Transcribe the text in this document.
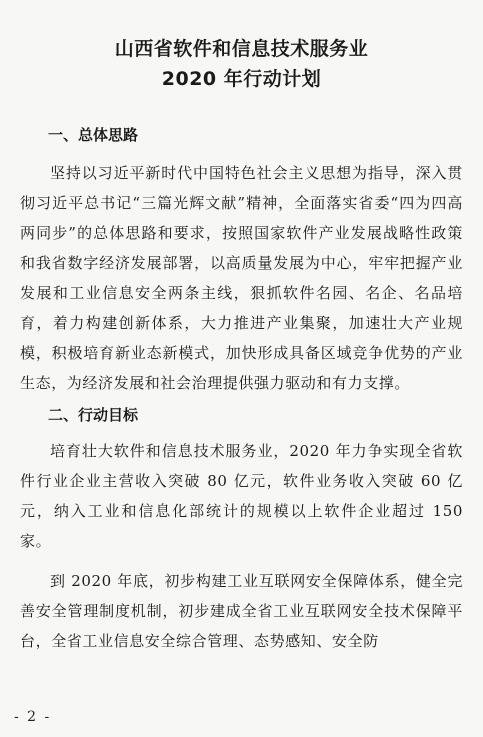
山西省软件和信息技术服务业
2020 年行动计划
一、总体思路

坚持以习近平新时代中国特色社会主义思想为指导，深入贯彻习近平总书记“三篇光辉文献”精神，全面落实省委“四为四高两同步”的总体思路和要求，按照国家软件产业发展战略性政策和我省数字经济发展部署，以高质量发展为中心，牢牢把握产业发展和工业信息安全两条主线，狠抓软件名园、名企、名品培育，着力构建创新体系，大力推进产业集聚，加速壮大产业规模，积极培育新业态新模式，加快形成具备区域竞争优势的产业生态，为经济发展和社会治理提供强力驱动和有力支撑。

二、行动目标

培育壮大软件和信息技术服务业，2020 年力争实现全省软件行业企业主营收入突破 80 亿元，软件业务收入突破 60 亿元，纳入工业和信息化部统计的规模以上软件企业超过 150 家。

到 2020 年底，初步构建工业互联网安全保障体系，健全完善安全管理制度机制，初步建成全省工业互联网安全技术保障平台，全省工业信息安全综合管理、态势感知、安全防

- 2 -
